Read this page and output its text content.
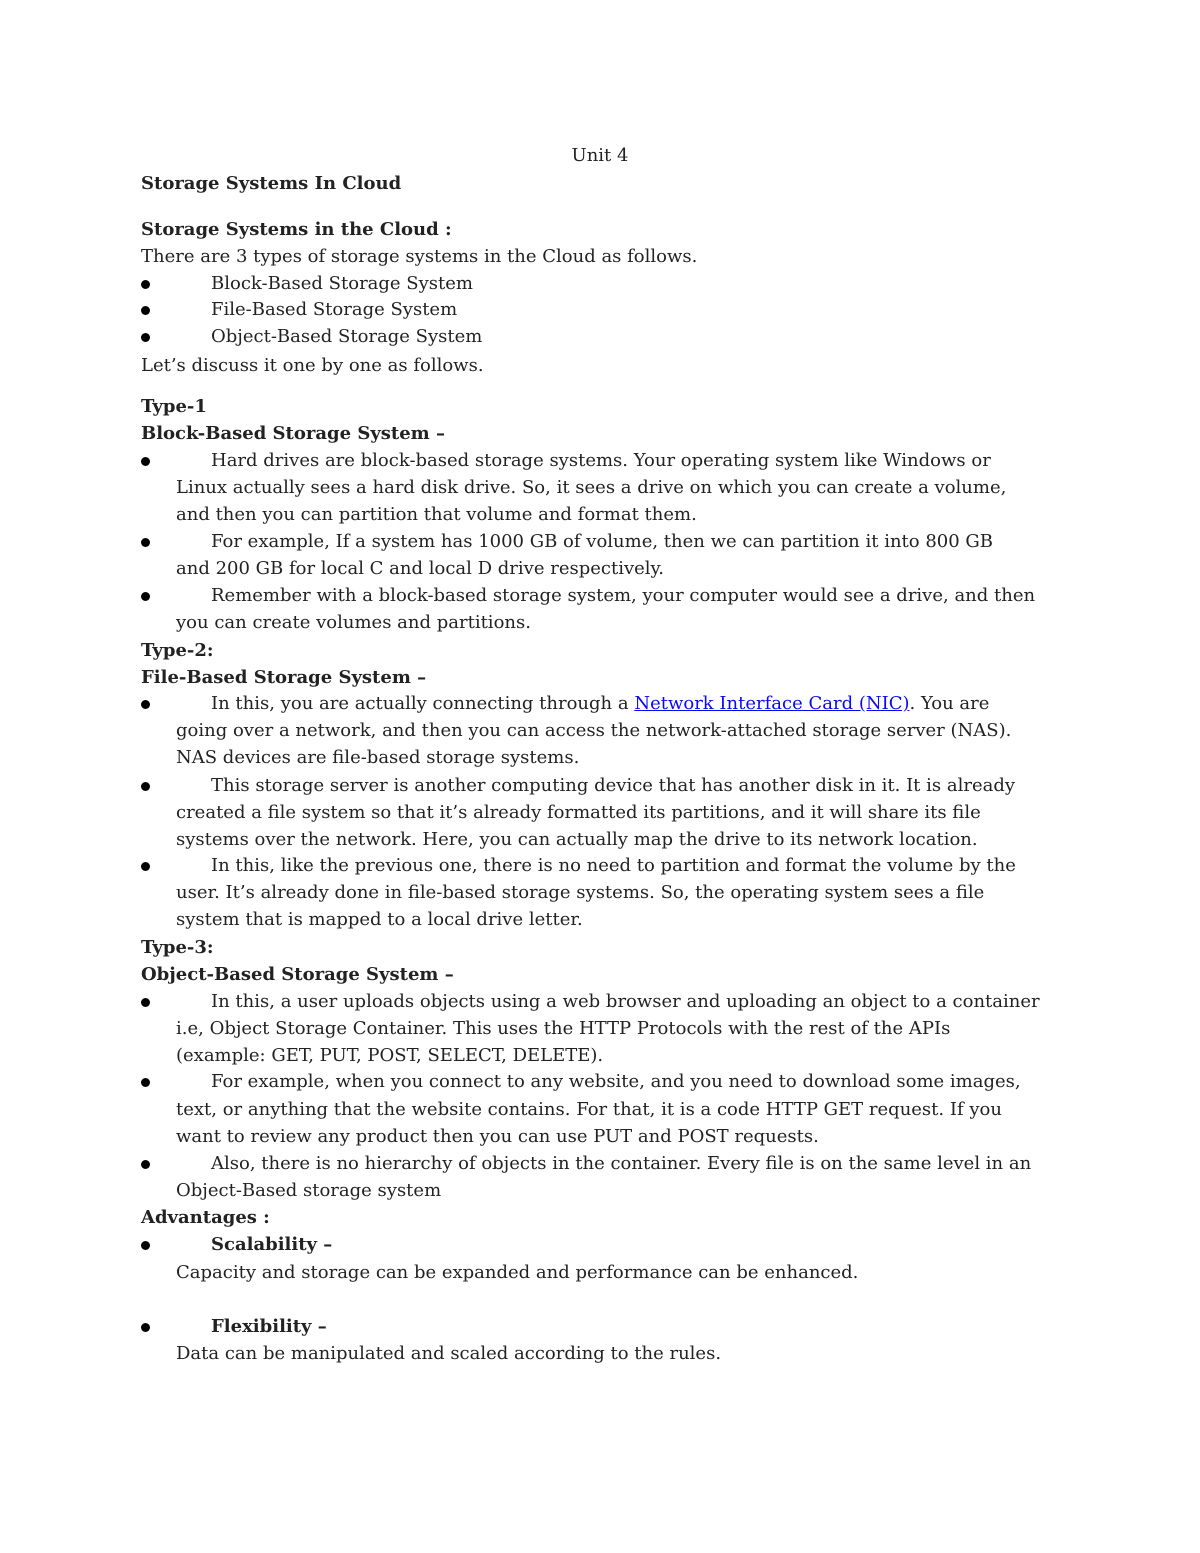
Unit 4
Storage Systems In Cloud
Storage Systems in the Cloud :
There are 3 types of storage systems in the Cloud as follows.
Block-Based Storage System
File-Based Storage System
Object-Based Storage System
Let’s discuss it one by one as follows.
Type-1
Block-Based Storage System –
Hard drives are block-based storage systems. Your operating system like Windows or
Linux actually sees a hard disk drive. So, it sees a drive on which you can create a volume,
and then you can partition that volume and format them.
For example, If a system has 1000 GB of volume, then we can partition it into 800 GB
and 200 GB for local C and local D drive respectively.
Remember with a block-based storage system, your computer would see a drive, and then
you can create volumes and partitions.
Type-2:
File-Based Storage System –
In this, you are actually connecting through a Network Interface Card (NIC). You are
going over a network, and then you can access the network-attached storage server (NAS).
NAS devices are file-based storage systems.
This storage server is another computing device that has another disk in it. It is already
created a file system so that it’s already formatted its partitions, and it will share its file
systems over the network. Here, you can actually map the drive to its network location.
In this, like the previous one, there is no need to partition and format the volume by the
user. It’s already done in file-based storage systems. So, the operating system sees a file
system that is mapped to a local drive letter.
Type-3:
Object-Based Storage System –
In this, a user uploads objects using a web browser and uploading an object to a container
i.e, Object Storage Container. This uses the HTTP Protocols with the rest of the APIs
(example: GET, PUT, POST, SELECT, DELETE).
For example, when you connect to any website, and you need to download some images,
text, or anything that the website contains. For that, it is a code HTTP GET request. If you
want to review any product then you can use PUT and POST requests.
Also, there is no hierarchy of objects in the container. Every file is on the same level in an
Object-Based storage system
Advantages :
Scalability –
Capacity and storage can be expanded and performance can be enhanced.
Flexibility –
Data can be manipulated and scaled according to the rules.
